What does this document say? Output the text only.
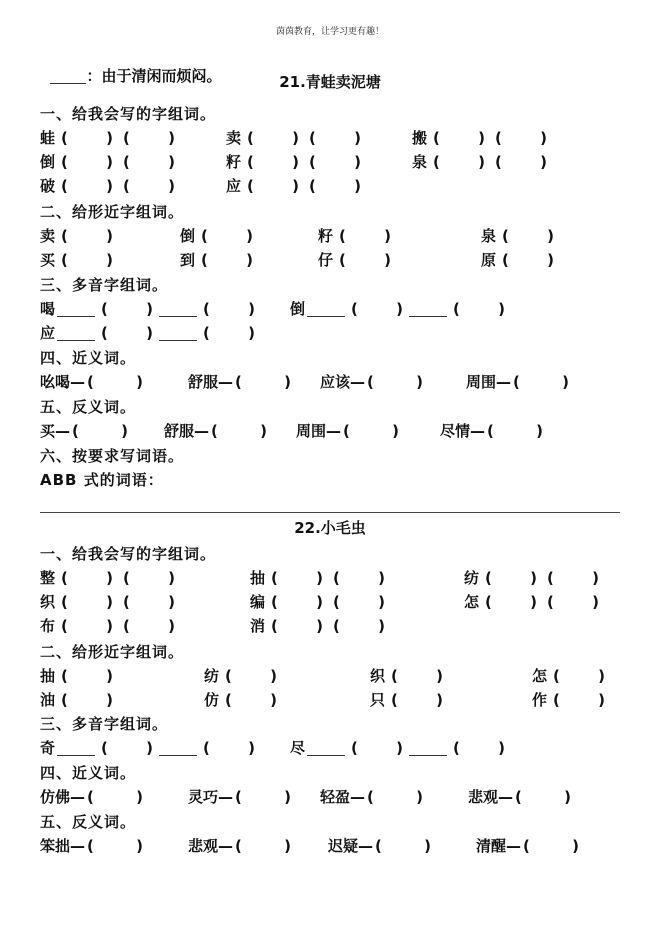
茵茵教育，让学习更有趣！

：由于清闲而烦闷。	21.青蛙卖泥塘
一、给我会写的字组词。
蛙 (	) (	)	卖 (	) (	)	搬 (	) (	)
倒 (	) (	)	籽 (	) (	)	泉 (	) (	)
破 (	) (	)	应 (	) (	)
二、给形近字组词。
卖 (	)	倒 (	)	籽 (	)	泉 (	)
买 (	)	到 (	)	仔 (	)	原 (	)
三、多音字组词。
喝	(	)	(	) 倒	(	)	(	)
应	(	)	(	)
四、近义词。
吆喝— (	)	舒服— (	) 应该— (	)	周围— (	)
五、反义词。
买— (	) 舒服— (	) 周围— (	)	尽情— (	)
六、按要求写词语。
ABB 式的词语：
22.小毛虫
一、给我会写的字组词。
整 (	) (	)	抽 (	) (	)	纺 (	) (	)
织 (	) (	)	编 (	) (	)	怎 (	) (	)
布 (	) (	)	消 (	) (	)
二、给形近字组词。
抽 (	)	纺 (	)	织 (	)	怎 (	)
油 (	)	仿 (	)	只 (	)	作 (	)
三、多音字组词。
奇	(	)	(	) 尽	(	)	(	)
四、近义词。
仿佛— (	)	灵巧— (	) 轻盈— (	)	悲观— (	)
五、反义词。
笨拙— (	)	悲观— (	) 迟疑— (	)	清醒— (	)
